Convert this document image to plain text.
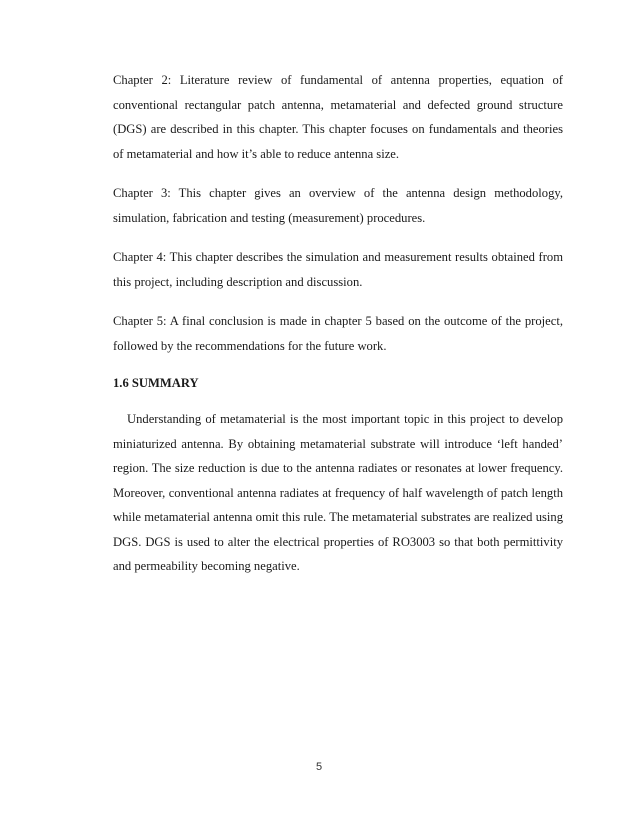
Chapter 2: Literature review of fundamental of antenna properties, equation of conventional rectangular patch antenna, metamaterial and defected ground structure (DGS) are described in this chapter. This chapter focuses on fundamentals and theories of metamaterial and how it’s able to reduce antenna size.

Chapter 3: This chapter gives an overview of the antenna design methodology, simulation, fabrication and testing (measurement) procedures.

Chapter 4: This chapter describes the simulation and measurement results obtained from this project, including description and discussion.

Chapter 5: A final conclusion is made in chapter 5 based on the outcome of the project, followed by the recommendations for the future work.

1.6 SUMMARY

Understanding of metamaterial is the most important topic in this project to develop miniaturized antenna. By obtaining metamaterial substrate will introduce ‘left handed’ region. The size reduction is due to the antenna radiates or resonates at lower frequency. Moreover, conventional antenna radiates at frequency of half wavelength of patch length while metamaterial antenna omit this rule. The metamaterial substrates are realized using DGS. DGS is used to alter the electrical properties of RO3003 so that both permittivity and permeability becoming negative.

5
